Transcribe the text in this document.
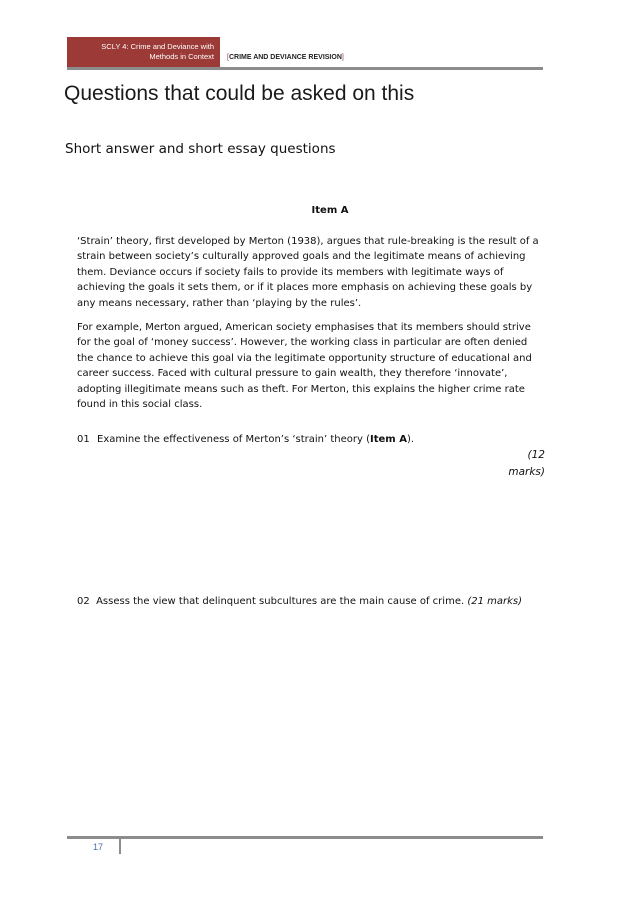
SCLY 4: Crime and Deviance with
Methods in Context [CRIME AND DEVIANCE REVISION]
Questions that could be asked on this
Short answer and short essay questions
Item A

‘Strain’ theory, first developed by Merton (1938), argues that rule-breaking is the result of a strain between society’s culturally approved goals and the legitimate means of achieving them. Deviance occurs if society fails to provide its members with legitimate ways of achieving the goals it sets them, or if it places more emphasis on achieving these goals by any means necessary, rather than ‘playing by the rules’.

For example, Merton argued, American society emphasises that its members should strive for the goal of ‘money success’. However, the working class in particular are often denied the chance to achieve this goal via the legitimate opportunity structure of educational and career success. Faced with cultural pressure to gain wealth, they therefore ‘innovate’, adopting illegitimate means such as theft. For Merton, this explains the higher crime rate found in this social class.

01 Examine the effectiveness of Merton’s ‘strain’ theory (Item A).
(12
marks)
02 Assess the view that delinquent subcultures are the main cause of crime. (21 marks)
17
